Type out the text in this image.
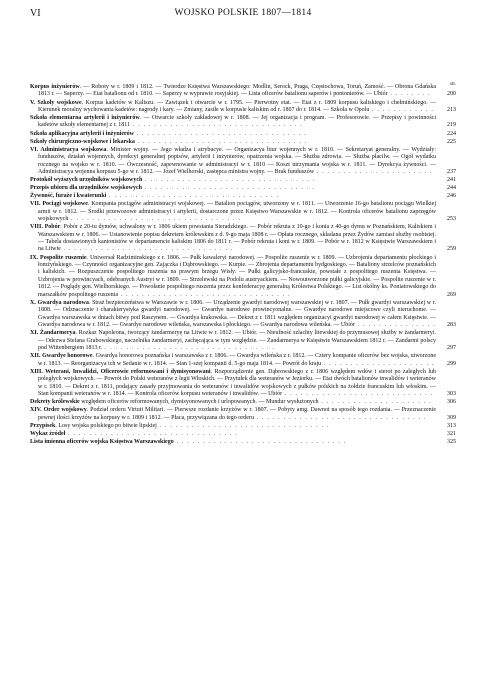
VI	WOJSKO POLSKIE 1807—1814
str.
Korpus inżynierów. — Roboty w r. 1809 i 1812. — Twierdze Księstwa Warszawskiego: Modlin, Serock, Praga, Częstochowa, Toruń, Zamość. — Obrona Gdańska 1813 r. — Saperzy. — Etat batalionu od r. 1810. — Saperzy w wyprawie rosyjskiej. — Lista oficerów batalionu saperów i pontonierów. — Ubiór . . . . . . . .	200
V. Szkoły wojskowe. Korpus kadetów w Kaliszu. — Zawiązek i otwarcie w r. 1795. — Pierwotny etat. — Etat z r. 1809 korpusu kaliskiego i chełmińskiego. — Kierunek moralny wychowania kadetów: nagrody i kary. — Zmiany, zasiłe w korpusie kaliskim od r. 1807 do r. 1814. — Szkoła w Opolu . . . . . . . . . . . . 213
Szkoła elementarna artylerii i inżynierów. — Otwarcie szkoły zakładowej w r. 1808. — Jej organizacja i program. — Profesorowie. — Przepisy i powinności kadetów szkoły elementarnej z r. 1811 . . . . . . . . . . . . . . . . . . . . . . . . . . . . . . . .	219
Szkoła aplikacyjna artylerii i inżynierów . . . . . . . . . . . . . . . . . . . . . . . . . . . . . . . .	224
Szkoły chirurgiczno-wojskowe i lekarska . . . . . . . . . . . . . . . . . . . . . . . . . . . . . . . .	225
VI. Administracya wojskowa. Minister wojny. — Jego władza i atrybucye. — Organizacya biur wojennych w r. 1810. — Sekretaryat generalny. — Wydziały: funduszów, działań wojennych, dyrekcyi generalnej popisów, artylerii i inżynierów, opatrzenia wojska. — Służba zdrowia. — Służba płacilw. — Ogół wydatku rocznego na wojsko w r. 1810. — Ówczesność, zapewnowanie w administracyi w r. 1810 — Koszt utrzymania wojska w r. 1811. — Dyrekcya żywności. — Administracya wojenna korpusu 5-go w r. 1812. — Józef Wielhorski, zastępca ministra wojny. — Brak funduszów . . . . . . . . . . . . . . . . . . . . . . 237
Protokół wyższych urzędników wojskowych . . . . . . . . . . . . . . . . . . . . . . . . . . . . . . . .	241
Przepis ubioru dla urzędników wojskowych . . . . . . . . . . . . . . . . . . . . . . . . . . . . . . . .	244
Żywność, furaże i kwaterunki . . . . . . . . . . . . . . . . . . . . . . . . . . . . . . . .	246
VII. Pociągi wojskowe. Kompania pociągów administracyi wojskowej. — Batalion pociągów, utworzony w r. 1811. — Utworzenie 16-go batalionu pociągu Wielkiej armii w r. 1812. — Środki przewozowe administracyi i artylerii, dostarczone przez Księstwo Warszawskie w r. 1812. — Kontrola oficerów batalionu zaprzęgów wojskowych . . . . . . . . . . . . . . . . . . . . . . . . . . . . . . . .	253
VIII. Pobór. Pobór z 20-tu dymów, uchwalony w r. 1806 ukiem powstania Sieradzkiego. — Pobór rekruta z 10-go i konia z 40-go dymu w Poznańskiem, Kaliskiem i Warszawskiem w r. 1806. — Ustanowienie popisu dekretem królewskim z d. 9-go maja 1808 r. — Opłata rocznego, składana przez Żydów zamiast służby osobistej. — Tabela dostawionych kantonistów w departamencie kaliskim 1806 do 1811 r. — Pobór rekruta i koni w r. 1809. — Pobór w r. 1812 w Księstwie Warszawskiem i na Litwie . . . . . . . . . . . . . . . . . . . . . . . . . . . . . . . .	259
IX. Pospolite ruszenie. Uniwersał Radziminskiego z r. 1806. — Pułk kawaleryi narodowej. — Pospolite ruszenie w r. 1809. — Uzbrojenia departamentu płockiego i łomżyńskiego. — Czynności organizacyjne gen. Zajączka i Dąbrowskiego. — Kurpie. — Zbrojenia departamentu bydgoskiego. — Bataliony strzelców poznańskich i kaliskich. — Rozpuszczenie pospolitego ruszenia na prawym brzegu Wisły. — Pułki galicyjsko-francuskie, powstałe z pospolitego ruszenia Księstwa. — Uzbrojenia w prowincyach, odebranych Austryi w r. 1809. — Strzelewski na Podolu austryackiem. — Nowoutworzone pułki galicyjskie. — Pospolite ruszenie w r. 1812. — Poglądy gen. Wielhorskiego. — Powołanie pospolitego ruszenia przez konfederacyę generalną Królestwa Polskiego. — List okólny ks. Poniatowskiego do marszałków pospolitego ruszenia . . . . . . . . . . . . . . . . . . . . . . . . . . . . . . . .	269
X. Gwardya narodowa. Straż bezpieczeństwa w Warszawie w r. 1806. — Urządzenie gwardyi narodowej warszawskiej w r. 1807. — Pułk gwardyi warszawskiej w r. 1808. — Odznaczenie i charakterystyka gwardyi narodowej. — Gwardye narodowe prowincyonalne. — Gwardye narodowe miejscowe czyli nieruchome. — Gwardya warszawska w dniach bitwy pod Raszynem. — Gwardya krakowska. — Dekret z r. 1811 względem organizacyi gwardyi narodowej w całem Księstwie. — Gwardya narodowa w r. 1812. — Gwardye narodowe wileńska, warszawska i płockiego. — Gwardya narodowa wileńska. — Ubiór . . . . . . . . . . . . . . . 283
XI. Żandarmerya. Rozkaz Napoleona, tworzący żandarmeryę na Litwie w r. 1812. — Ubiór. — Nieufność szlachty litewskiej do przymusowej służby w żandarmeryi. — Odezwa Stefana Grabowskiego, naczelnika żandarmeryi, zachęcająca w tym względzie. — Żandarmerya w Księstwie Warszawskiem 1812 r. — Zandarmi polscy pod Wittenbergiem 1813 r. . . . . . . . . . . . . . . . . . . . . . . . . . . . . . . . .	297
XII. Gwardye honorowe. Gwardya honorowa poznańska i warszawska z r. 1806. — Gwardya wileńska z r. 1812. — Cztery kompanie oficerów bez wojska, utworzone w r. 1813. — Reorganizacya ich w Sedanie w r. 1814. — Stan 1-szej kompanii d. 5-go maja 1814. — Powrót do kraju . . . . . . . . . . . . . . . . . . . . . 299
XIII. Weterani, Inwalidzi, Oficerowie reformowani i dymisyonowani. Rozporządzenie gen. Dąbrowskiego z r. 1806 względem wdów i sierot po zaległych lub poległych wojskowych. — Powrót do Polski weteranów z legii Włoskich. — Przytułek dla weteranów w Jeziorku. — Etat dwóch batalionów inwalidów i weteranów w r. 1810. — Dekret z r. 1811, podający zasady przyjmowania do weteranów i inwalidów wojskowych z pułków polskich na żołdzie francuskim lub włoskim. — Stan kompanii weteranów w r. 1814. — Kontrola oficerów korpusu weteranów i inwalidów. — Ubiór . . . . . . . . . . . . . . . . . . . . . . . . . . . . 303
Dekrety królewskie względem oficerów reformowanych, dymisyonowanych i urlopowanych. — Mundur wysłużonych . . . . . . . . . . . . . . . . . . . . .	306
XIV. Order wojskowy. Podział orderu Virtuti Militari. — Pierwsze rozdanie krzyżów w r. 1807. — Pobyty amg. Dawnot na sposób tego rozdania. — Przeznaczenie pewnej ilości krzyżów na korpusy w r. 1809 i 1812. — Płaca, przywiązana do tego orderu . . . . . . . . . . . . . . . . . . . . . . . . . . . . . . . .	309
Przypisek. Losy wojska polskiego po bitwie lipskiej . . . . . . . . . . . . . . . . . . . . . . . . . . . . . . . .	313
Wykaz źródeł . . . . . . . . . . . . . . . . . . . . . . . . . . . . . . . .	321
Lista imienna oficerów wojska Księstwa Warszawskiego . . . . . . . . . . . . . . . . . . . . . . . . . . . . . . . .	325
